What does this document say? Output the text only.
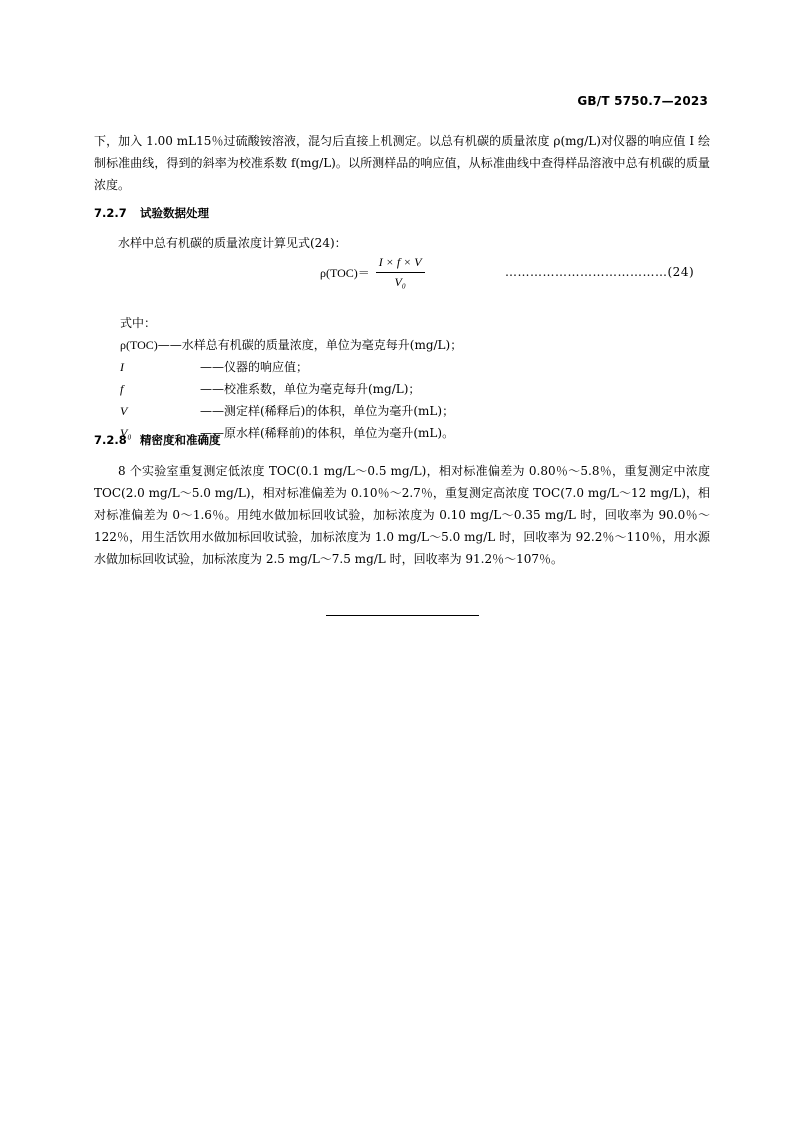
GB/T 5750.7—2023
下，加入 1.00 mL15％过硫酸铵溶液，混匀后直接上机测定。以总有机碳的质量浓度 ρ(mg/L)对仪器的响应值 I 绘制标准曲线，得到的斜率为校准系数 f(mg/L)。以所测样品的响应值，从标准曲线中查得样品溶液中总有机碳的质量浓度。
7.2.7 试验数据处理
水样中总有机碳的质量浓度计算见式(24)：
$\rho(TOC)= \frac{I \times f \times V}{\text{V₀}}$	…………………………………(24)
式中：
ρ(TOC) ——水样总有机碳的质量浓度，单位为毫克每升(mg/L)；
I	——仪器的响应值；
f	——校准系数，单位为毫克每升(mg/L)；
V	——测定样(稀释后)的体积，单位为毫升(mL)；
V₀	——原水样(稀释前)的体积，单位为毫升(mL)。
7.2.8 精密度和准确度
8 个实验室重复测定低浓度 TOC(0.1 mg/L～0.5 mg/L)，相对标准偏差为 0.80％～5.8％，重复测定中浓度 TOC(2.0 mg/L～5.0 mg/L)，相对标准偏差为 0.10％～2.7％，重复测定高浓度 TOC(7.0 mg/L～12 mg/L)，相对标准偏差为 0～1.6％。用纯水做加标回收试验，加标浓度为 0.10 mg/L～0.35 mg/L 时，回收率为 90.0％～122％，用生活饮用水做加标回收试验，加标浓度为 1.0 mg/L～5.0 mg/L 时，回收率为 92.2％～110％，用水源水做加标回收试验，加标浓度为 2.5 mg/L～7.5 mg/L 时，回收率为 91.2％～107％。
